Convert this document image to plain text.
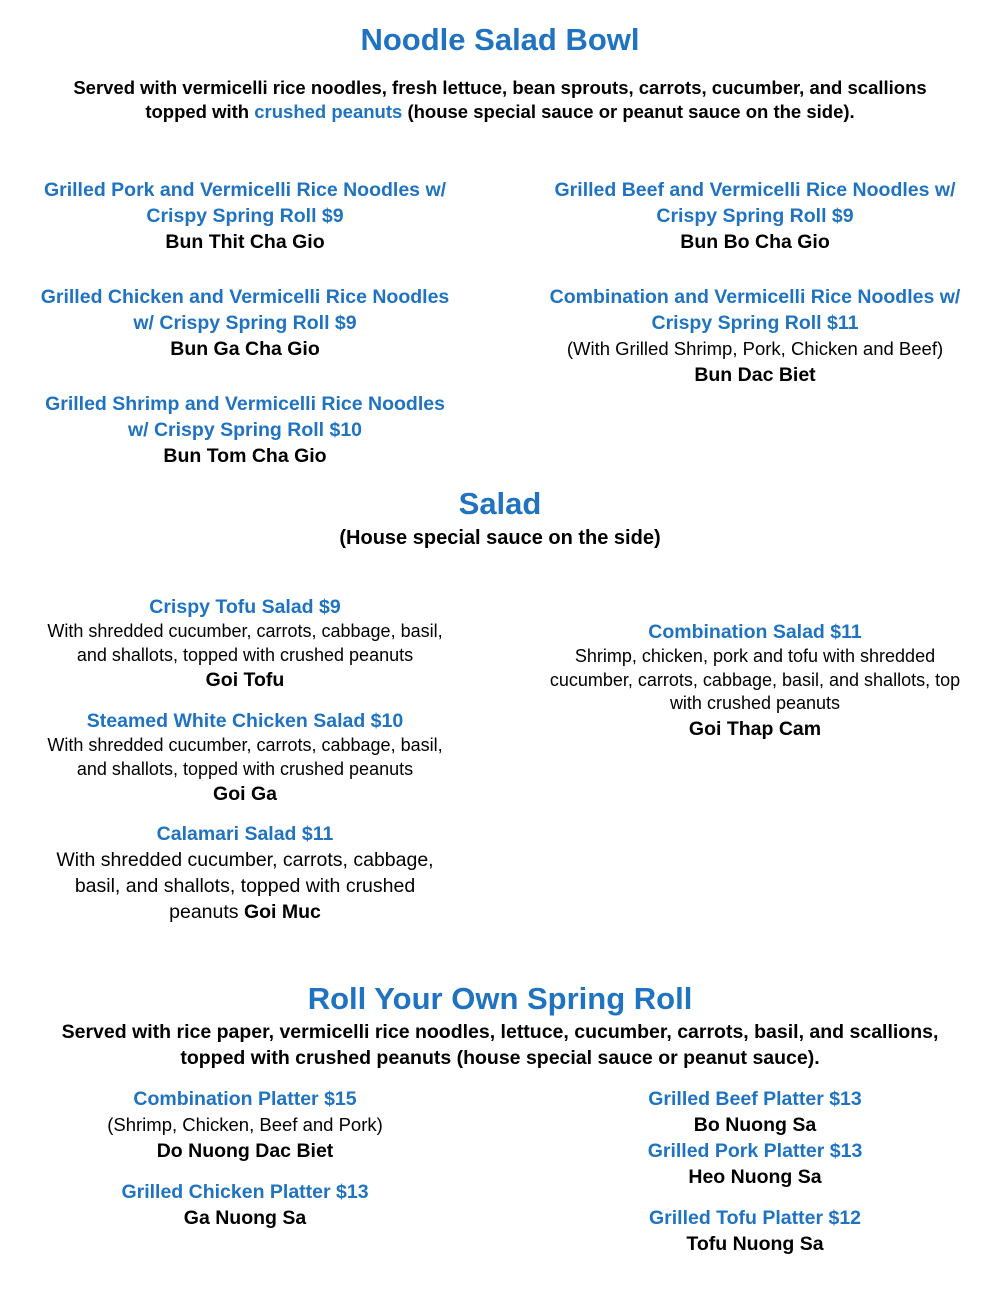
Noodle Salad Bowl
Served with vermicelli rice noodles, fresh lettuce, bean sprouts, carrots, cucumber, and scallions
topped with crushed peanuts (house special sauce or peanut sauce on the side).
Grilled Pork and Vermicelli Rice Noodles w/
Crispy Spring Roll $9
Bun Thit Cha Gio
Grilled Beef and Vermicelli Rice Noodles w/
Crispy Spring Roll $9
Bun Bo Cha Gio
Grilled Chicken and Vermicelli Rice Noodles
w/ Crispy Spring Roll $9
Bun Ga Cha Gio
Combination and Vermicelli Rice Noodles w/
Crispy Spring Roll $11
(With Grilled Shrimp, Pork, Chicken and Beef)
Bun Dac Biet
Grilled Shrimp and Vermicelli Rice Noodles
w/ Crispy Spring Roll $10
Bun Tom Cha Gio
Salad
(House special sauce on the side)
Crispy Tofu Salad $9
With shredded cucumber, carrots, cabbage, basil,
and shallots, topped with crushed peanuts
Goi Tofu
Steamed White Chicken Salad $10
With shredded cucumber, carrots, cabbage, basil,
and shallots, topped with crushed peanuts
Goi Ga
Calamari Salad $11
With shredded cucumber, carrots, cabbage,
basil, and shallots, topped with crushed
peanuts Goi Muc
Combination Salad $11
Shrimp, chicken, pork and tofu with shredded
cucumber, carrots, cabbage, basil, and shallots, top
with crushed peanuts
Goi Thap Cam
Roll Your Own Spring Roll
Served with rice paper, vermicelli rice noodles, lettuce, cucumber, carrots, basil, and scallions,
topped with crushed peanuts (house special sauce or peanut sauce).
Combination Platter $15
(Shrimp, Chicken, Beef and Pork)
Do Nuong Dac Biet
Grilled Chicken Platter $13
Ga Nuong Sa
Grilled Beef Platter $13
Bo Nuong Sa
Grilled Pork Platter $13
Heo Nuong Sa
Grilled Tofu Platter $12
Tofu Nuong Sa
